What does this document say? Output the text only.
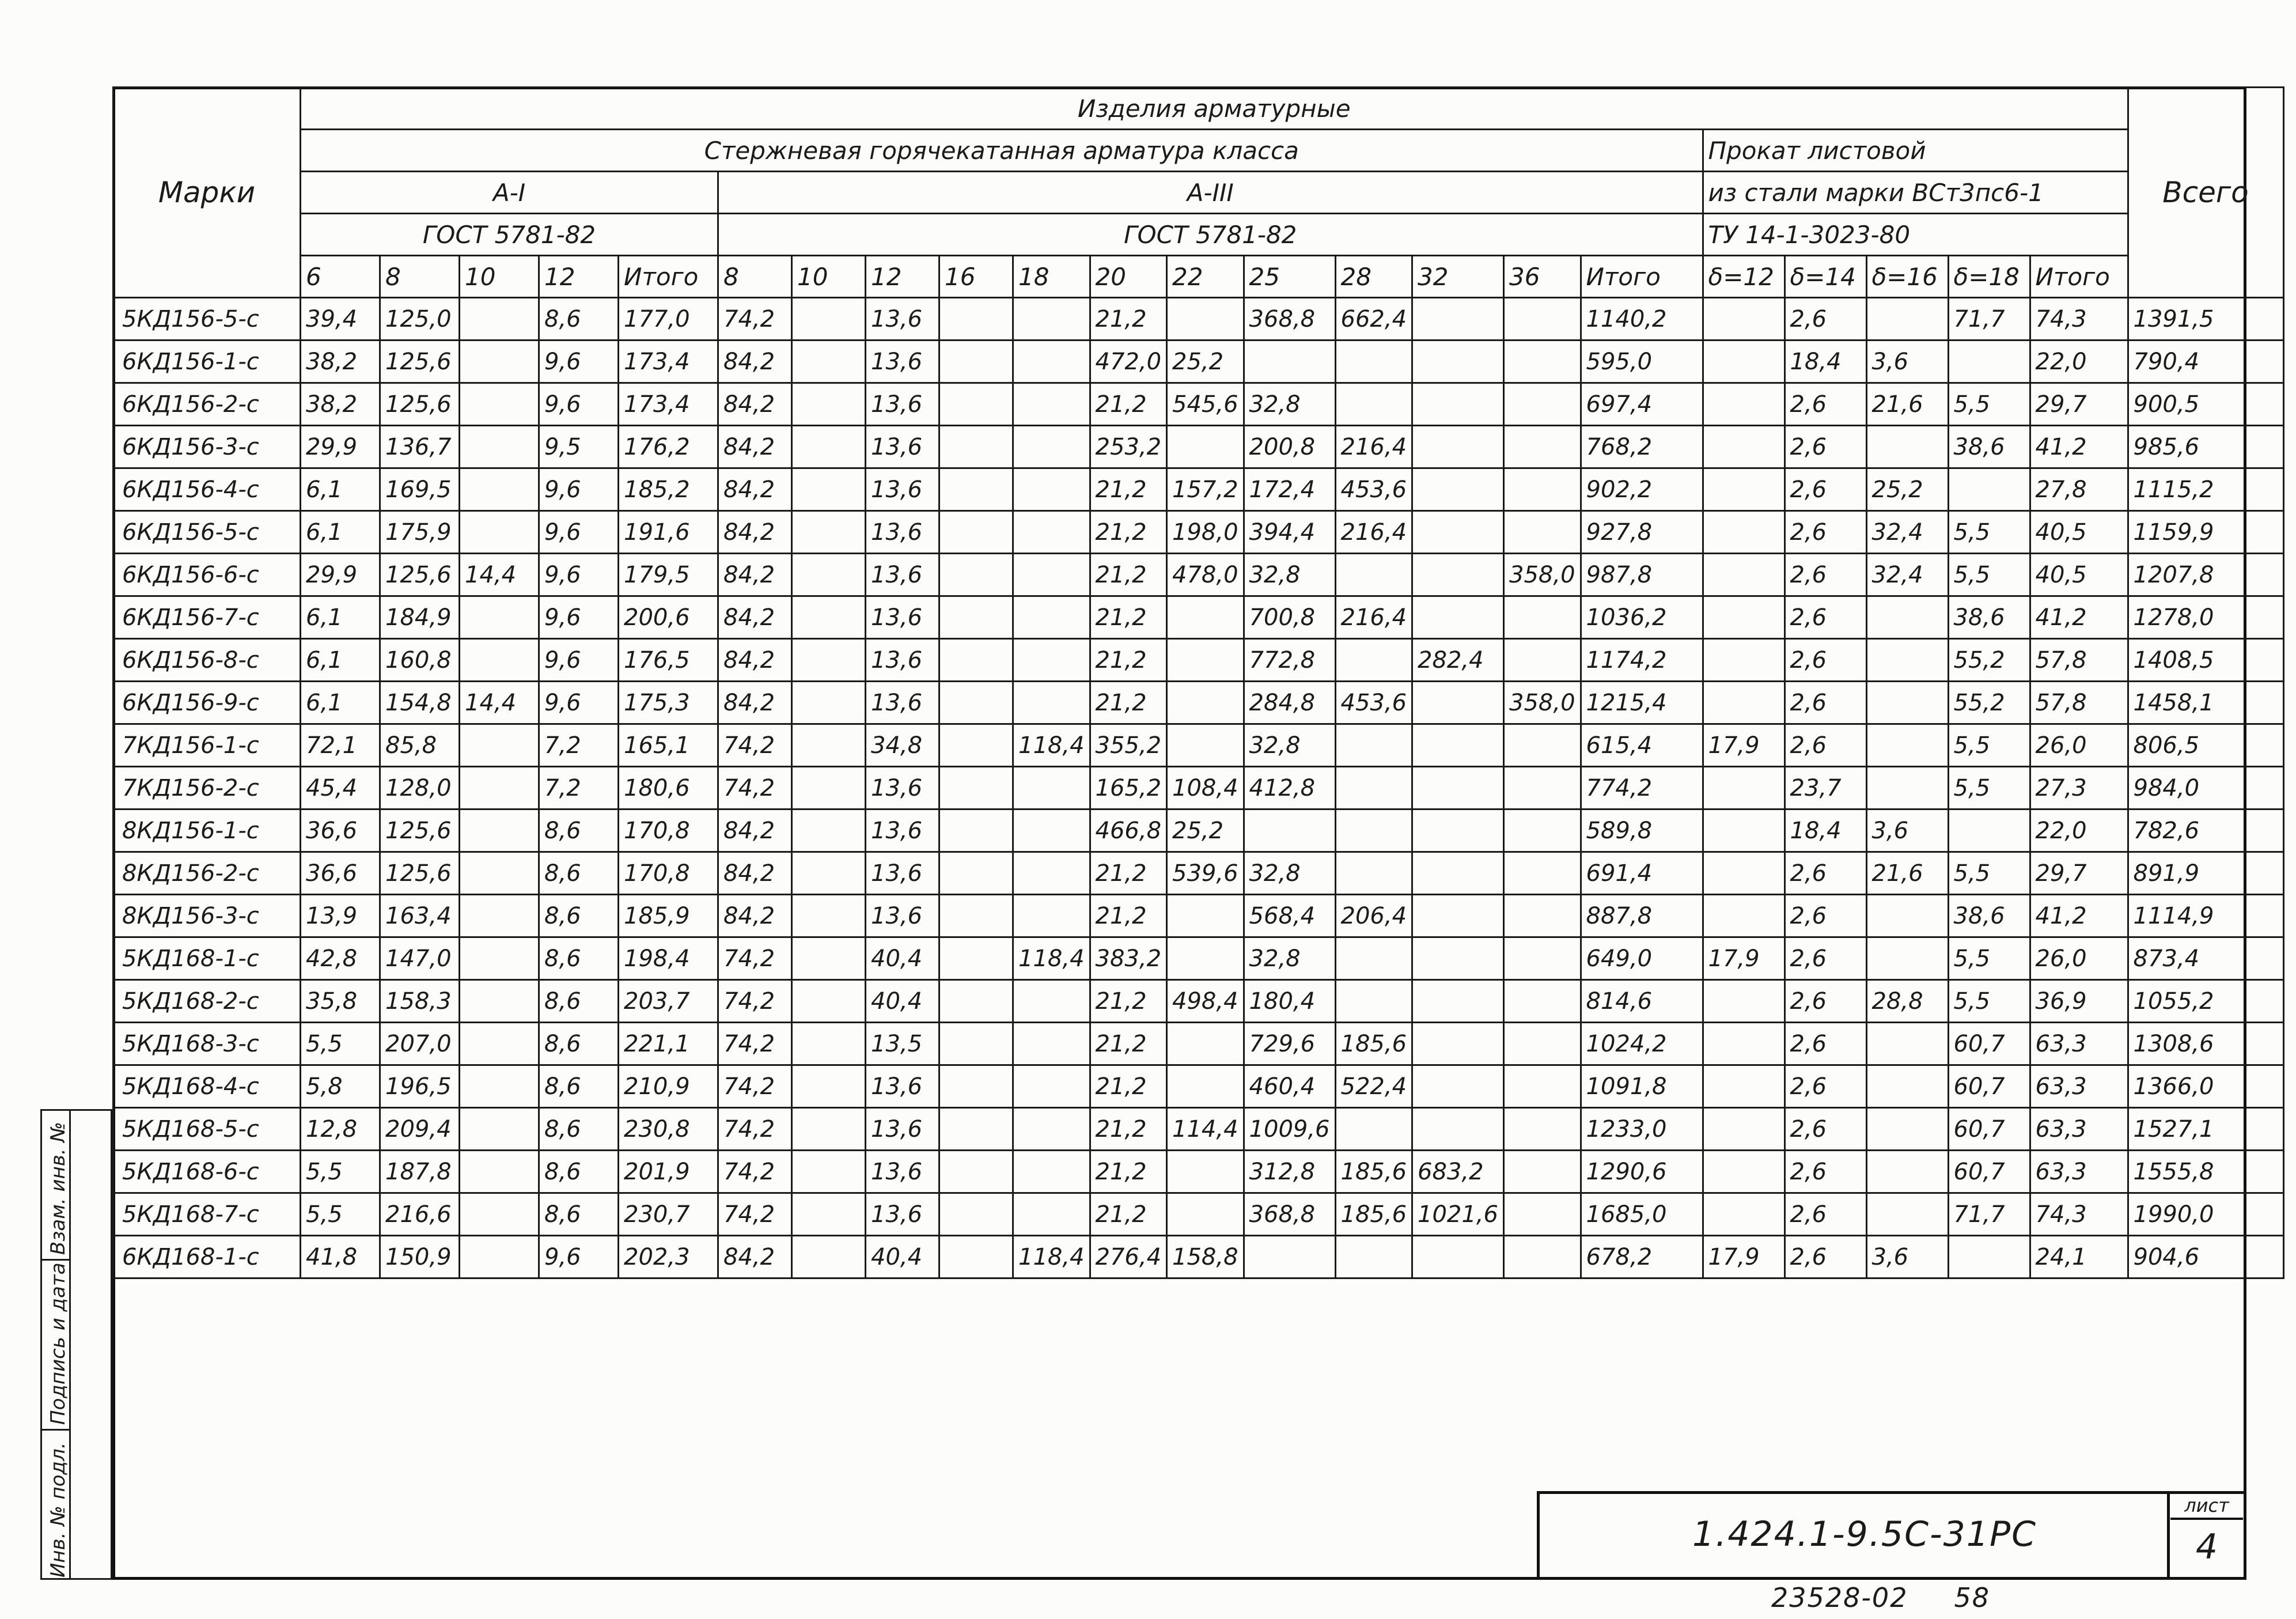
Марки	Изделия арматурные																						Всего
	Стержневая горячекатанная арматура класса																	Прокат листовой					
	А-I					А-III												из стали марки ВСт3пс6-1					
	ГОСТ 5781-82					ГОСТ 5781-82												ТУ 14-1-3023-80					
	6	8	10	12	Итого	8	10	12	16	18	20	22	25	28	32	36	Итого	δ=12	δ=14	δ=16	δ=18	Итого	
5КД156-5-с	39,4	125,0		8,6	177,0	74,2		13,6			21,2		368,8	662,4			1140,2		2,6		71,7	74,3	1391,5
6КД156-1-с	38,2	125,6		9,6	173,4	84,2		13,6			472,0	25,2					595,0		18,4	3,6		22,0	790,4
6КД156-2-с	38,2	125,6		9,6	173,4	84,2		13,6			21,2	545,6	32,8				697,4		2,6	21,6	5,5	29,7	900,5
6КД156-3-с	29,9	136,7		9,5	176,2	84,2		13,6			253,2		200,8	216,4			768,2		2,6		38,6	41,2	985,6
6КД156-4-с	6,1	169,5		9,6	185,2	84,2		13,6			21,2	157,2	172,4	453,6			902,2		2,6	25,2		27,8	1115,2
6КД156-5-с	6,1	175,9		9,6	191,6	84,2		13,6			21,2	198,0	394,4	216,4			927,8		2,6	32,4	5,5	40,5	1159,9
6КД156-6-с	29,9	125,6	14,4	9,6	179,5	84,2		13,6			21,2	478,0	32,8			358,0	987,8		2,6	32,4	5,5	40,5	1207,8
6КД156-7-с	6,1	184,9		9,6	200,6	84,2		13,6			21,2		700,8	216,4			1036,2		2,6		38,6	41,2	1278,0
6КД156-8-с	6,1	160,8		9,6	176,5	84,2		13,6			21,2		772,8		282,4		1174,2		2,6		55,2	57,8	1408,5
6КД156-9-с	6,1	154,8	14,4	9,6	175,3	84,2		13,6			21,2		284,8	453,6		358,0	1215,4		2,6		55,2	57,8	1458,1
7КД156-1-с	72,1	85,8		7,2	165,1	74,2		34,8		118,4	355,2		32,8				615,4	17,9	2,6		5,5	26,0	806,5
7КД156-2-с	45,4	128,0		7,2	180,6	74,2		13,6			165,2	108,4	412,8				774,2		23,7		5,5	27,3	984,0
8КД156-1-с	36,6	125,6		8,6	170,8	84,2		13,6			466,8	25,2					589,8		18,4	3,6		22,0	782,6
8КД156-2-с	36,6	125,6		8,6	170,8	84,2		13,6			21,2	539,6	32,8				691,4		2,6	21,6	5,5	29,7	891,9
8КД156-3-с	13,9	163,4		8,6	185,9	84,2		13,6			21,2		568,4	206,4			887,8		2,6		38,6	41,2	1114,9
5КД168-1-с	42,8	147,0		8,6	198,4	74,2		40,4		118,4	383,2		32,8				649,0	17,9	2,6		5,5	26,0	873,4
5КД168-2-с	35,8	158,3		8,6	203,7	74,2		40,4			21,2	498,4	180,4				814,6		2,6	28,8	5,5	36,9	1055,2
5КД168-3-с	5,5	207,0		8,6	221,1	74,2		13,5			21,2		729,6	185,6			1024,2		2,6		60,7	63,3	1308,6
5КД168-4-с	5,8	196,5		8,6	210,9	74,2		13,6			21,2		460,4	522,4			1091,8		2,6		60,7	63,3	1366,0
5КД168-5-с	12,8	209,4		8,6	230,8	74,2		13,6			21,2	114,4	1009,6				1233,0		2,6		60,7	63,3	1527,1
5КД168-6-с	5,5	187,8		8,6	201,9	74,2		13,6			21,2		312,8	185,6	683,2		1290,6		2,6		60,7	63,3	1555,8
5КД168-7-с	5,5	216,6		8,6	230,7	74,2		13,6			21,2		368,8	185,6	1021,6		1685,0		2,6		71,7	74,3	1990,0
6КД168-1-с	41,8	150,9		9,6	202,3	84,2		40,4		118,4	276,4	158,8					678,2	17,9	2,6	3,6		24,1	904,6
1.424.1-9.5С-31РС
лист
4
23528-02 58
Взам. инв. №
Подпись и дата
Инв. № подл.
